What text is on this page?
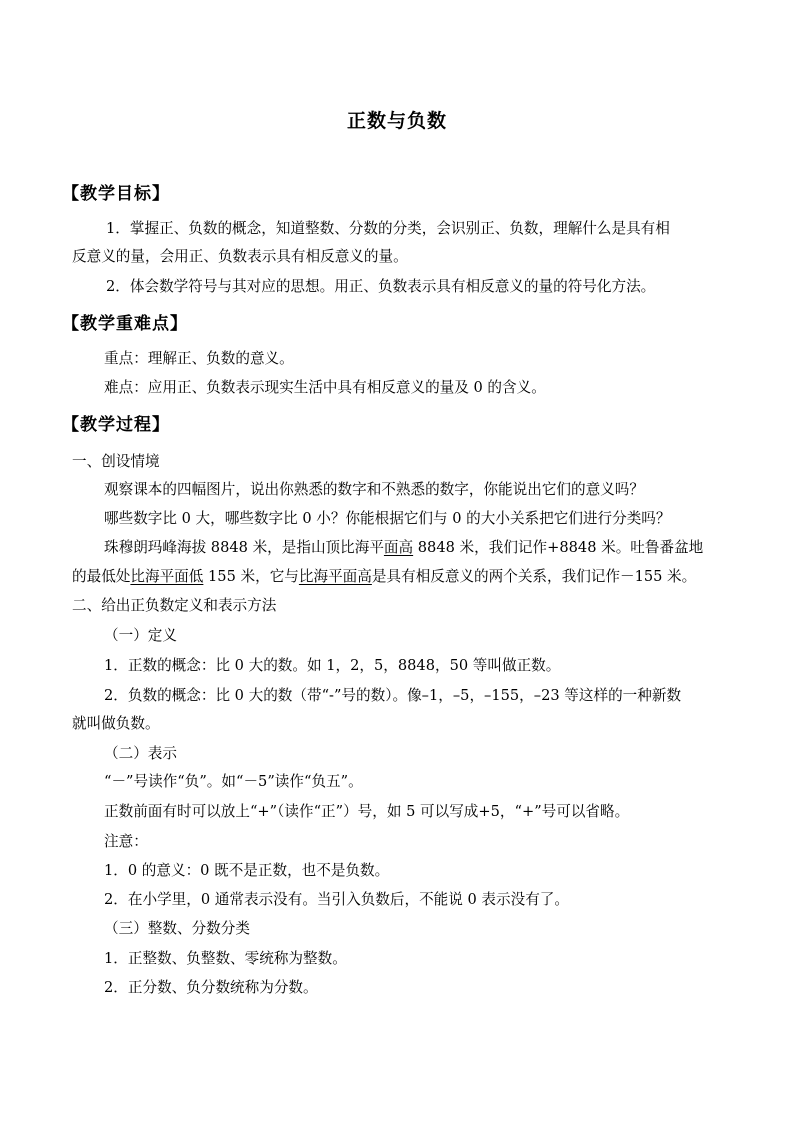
正数与负数
【教学目标】
1．掌握正、负数的概念，知道整数、分数的分类，会识别正、负数，理解什么是具有相
反意义的量，会用正、负数表示具有相反意义的量。
2．体会数学符号与其对应的思想。用正、负数表示具有相反意义的量的符号化方法。
【教学重难点】
重点：理解正、负数的意义。
难点：应用正、负数表示现实生活中具有相反意义的量及 0 的含义。
【教学过程】
一、创设情境
观察课本的四幅图片，说出你熟悉的数字和不熟悉的数字，你能说出它们的意义吗？
哪些数字比 0 大，哪些数字比 0 小？你能根据它们与 0 的大小关系把它们进行分类吗？
珠穆朗玛峰海拔 8848 米，是指山顶比海平面高 8848 米，我们记作+8848 米。吐鲁番盆地
的最低处比海平面低 155 米，它与比海平面高是具有相反意义的两个关系，我们记作－155 米。
二、给出正负数定义和表示方法
（一）定义
1．正数的概念：比 0 大的数。如 1，2，5，8848，50 等叫做正数。
2．负数的概念：比 0 大的数（带“-”号的数）。像–1，–5，–155，–23 等这样的一种新数
就叫做负数。
（二）表示
“－”号读作“负”。如“－5”读作“负五”。
正数前面有时可以放上“+”（读作“正”）号，如 5 可以写成+5，“+”号可以省略。
注意：
1．0 的意义：0 既不是正数，也不是负数。
2．在小学里，0 通常表示没有。当引入负数后，不能说 0 表示没有了。
（三）整数、分数分类
1．正整数、负整数、零统称为整数。
2．正分数、负分数统称为分数。
